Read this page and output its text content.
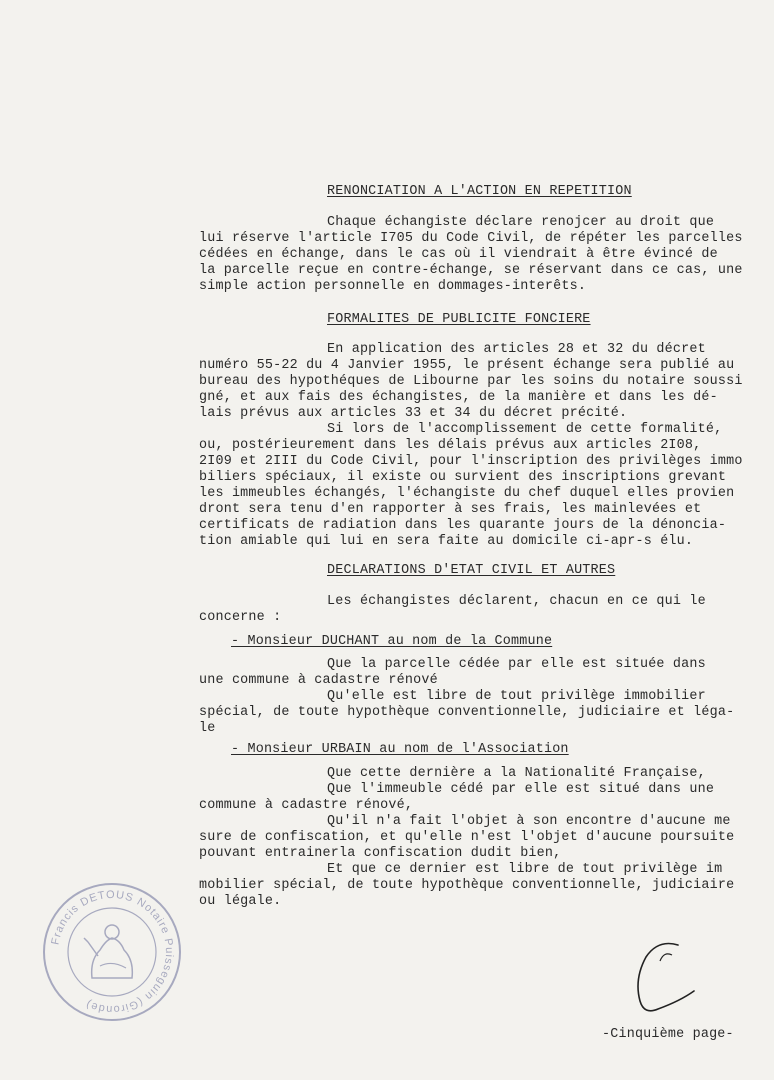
RENONCIATION A L'ACTION EN REPETITION
Chaque échangiste déclare renojcer au droit que
lui réserve l'article I705 du Code Civil, de répéter les parcelles
cédées en échange, dans le cas où il viendrait à être évincé de
la parcelle reçue en contre-échange, se réservant dans ce cas, une
simple action personnelle en dommages-interêts.
FORMALITES DE PUBLICITE FONCIERE
En application des articles 28 et 32 du décret
numéro 55-22 du 4 Janvier 1955, le présent échange sera publié au
bureau des hypothéques de Libourne par les soins du notaire soussi
gné, et aux fais des échangistes, de la manière et dans les dé-
lais prévus aux articles 33 et 34 du décret précité.
Si lors de l'accomplissement de cette formalité,
ou, postérieurement dans les délais prévus aux articles 2I08,
2I09 et 2III du Code Civil, pour l'inscription des privilèges immo
biliers spéciaux, il existe ou survient des inscriptions grevant
les immeubles échangés, l'échangiste du chef duquel elles provien
dront sera tenu d'en rapporter à ses frais, les mainlevées et
certificats de radiation dans les quarante jours de la dénoncia-
tion amiable qui lui en sera faite au domicile ci-apr-s élu.
DECLARATIONS D'ETAT CIVIL ET AUTRES
Les échangistes déclarent, chacun en ce qui le
concerne :
- Monsieur DUCHANT au nom de la Commune
Que la parcelle cédée par elle est située dans
une commune à cadastre rénové
Qu'elle est libre de tout privilège immobilier
spécial, de toute hypothèque conventionnelle, judiciaire et léga-
le
- Monsieur URBAIN au nom de l'Association
Que cette dernière a la Nationalité Française,
Que l'immeuble cédé par elle est situé dans une
commune à cadastre rénové,
Qu'il n'a fait l'objet à son encontre d'aucune me
sure de confiscation, et qu'elle n'est l'objet d'aucune poursuite
pouvant entrainerla confiscation dudit bien,
Et que ce dernier est libre de tout privilège im
mobilier spécial, de toute hypothèque conventionnelle, judiciaire
ou légale.
Francis DETOUS Notaire Puisseguin (Gironde)
-Cinquième page-
